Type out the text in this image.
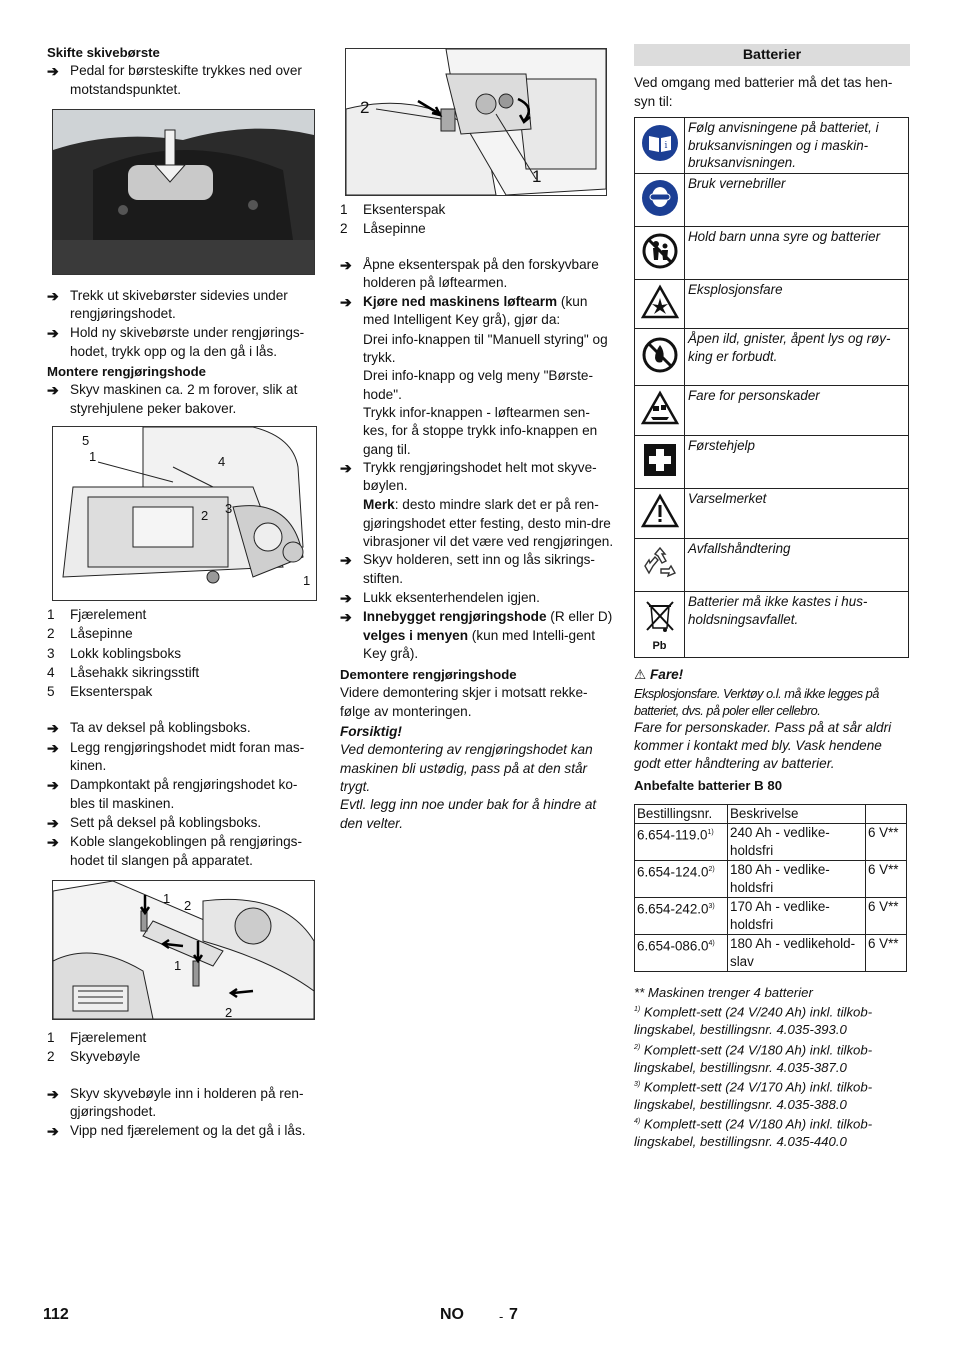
Skifte skivebørste

➔ Pedal for børsteskifte trykkes ned over motstandspunktet.
➔ Trekk ut skivebørster sidevies under rengjøringshodet.
➔ Hold ny skivebørste under rengjørings-hodet, trykk opp og la den gå i lås.

Montere rengjøringshode

➔ Skyv maskinen ca. 2 m forover, slik at styrehjulene peker bakover.
5
1	4
2 3
1
1	Fjærelement
2	Låsepinne
3	Lokk koblingsboks
4	Låsehakk sikringsstift
5	Eksenterspak
➔ Ta av deksel på koblingsboks.
➔ Legg rengjøringshodet midt foran mas-kinen.
➔ Dampkontakt på rengjøringshodet ko-bles til maskinen.
➔ Sett på deksel på koblingsboks.
➔ Koble slangekoblingen på rengjørings-hodet til slangen på apparatet.
1 2
1
2
1	Fjærelement
2	Skyvebøyle
➔ Skyv skyvebøyle inn i holderen på ren-gjøringshodet.
➔ Vipp ned fjærelement og la det gå i lås.
2
1
1	Eksenterspak
2	Låsepinne
➔ Åpne eksenterspak på den forskyvbare holderen på løftearmen.
➔ Kjøre ned maskinens løftearm (kun med Intelligent Key grå), gjør da:
Drei info-knappen til "Manuell styring" og trykk.
Drei info-knapp og velg meny "Børste-hode".
Trykk infor-knappen - løftearmen sen-kes, for å stoppe trykk info-knappen en gang til.
➔ Trykk rengjøringshodet helt mot skyve-bøylen.
Merk: desto mindre slark det er på ren-gjøringshodet etter festing, desto min-dre vibrasjoner vil det være ved rengjøringen.
➔ Skyv holderen, sett inn og lås sikrings-stiften.
➔ Lukk eksenterhendelen igjen.
➔ Innebygget rengjøringshode (R eller D) velges i menyen (kun med Intelli-gent Key grå).

Demontere rengjøringshode

Videre demontering skjer i motsatt rekke-følge av monteringen.
Forsiktig!
Ved demontering av rengjøringshodet kan maskinen bli ustødig, pass på at den står trygt.
Evtl. legg inn noe under bak for å hindre at den velter.
Batterier
Ved omgang med batterier må det tas hen-syn til:
i	Følg anvisningene på batteriet, i bruksanvisningen og i maskin-bruksanvisningen.
	Bruk vernebriller
	Hold barn unna syre og batterier
	Eksplosjonsfare
	Åpen ild, gnister, åpent lys og røy-king er forbudt.
	Fare for personskader
	Førstehjelp
	Varselmerket
	Avfallshåndtering

Pb	Batterier må ikke kastes i hus-holdsningsavfallet.
⚠ Fare!
Eksplosjonsfare. Verktøy o.l. må ikke legges på batteriet, dvs. på poler eller cellebro.
Fare for personskader. Pass på at sår aldri kommer i kontakt med bly. Vask hendene godt etter håndtering av batterier.

Anbefalte batterier B 80

Bestillingsnr.	Beskrivelse	
6.654-119.0$^{1)}$	240 Ah - vedlike-holdsfri	6 V**
6.654-124.0$^{2)}$	180 Ah - vedlike-holdsfri	6 V**
6.654-242.0$^{3)}$	170 Ah - vedlike-holdsfri	6 V**
6.654-086.0$^{4)}$	180 Ah - vedlikehold-slav	6 V**
** Maskinen trenger 4 batterier
$^{1)}$ Komplett-sett (24 V/240 Ah) inkl. tilkob-lingskabel, bestillingsnr. 4.035-393.0
$^{2)}$ Komplett-sett (24 V/180 Ah) inkl. tilkob-lingskabel, bestillingsnr. 4.035-387.0
$^{3)}$ Komplett-sett (24 V/170 Ah) inkl. tilkob-lingskabel, bestillingsnr. 4.035-388.0
$^{4)}$ Komplett-sett (24 V/180 Ah) inkl. tilkob-lingskabel, bestillingsnr. 4.035-440.0
112	NO	- 7
